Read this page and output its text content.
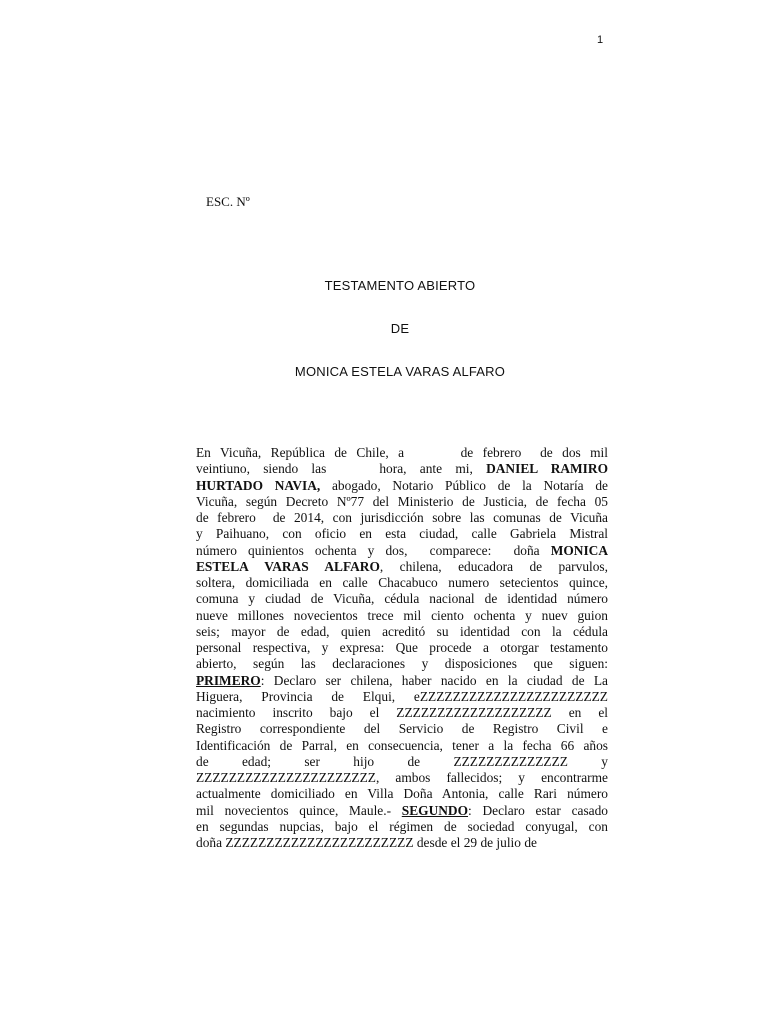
1
ESC. Nº
TESTAMENTO ABIERTO
DE
MONICA ESTELA VARAS ALFARO
En Vicuña, República de Chile, a      de febrero  de dos mil
veintiuno, siendo las    hora, ante mi, DANIEL RAMIRO
HURTADO NAVIA, abogado, Notario Público de la Notaría de
Vicuña, según Decreto Nº77 del Ministerio de Justicia, de fecha 05
de febrero  de 2014, con jurisdicción sobre las comunas de Vicuña
y Paihuano, con oficio en esta ciudad, calle Gabriela Mistral
número quinientos ochenta y dos,  comparece:  doña MONICA
ESTELA VARAS ALFARO, chilena, educadora de parvulos,
soltera, domiciliada en calle Chacabuco numero setecientos quince,
comuna y ciudad de Vicuña, cédula nacional de identidad número
nueve millones novecientos trece mil ciento ochenta y nuev guion
seis; mayor de edad, quien acreditó su identidad con la cédula
personal respectiva, y expresa: Que procede a otorgar testamento
abierto, según las declaraciones y disposiciones que siguen:
PRIMERO: Declaro ser chilena, haber nacido en la ciudad de La
Higuera, Provincia de Elqui, eZZZZZZZZZZZZZZZZZZZZZZZ
nacimiento inscrito bajo el ZZZZZZZZZZZZZZZZZZZ en el
Registro correspondiente del Servicio de Registro Civil e
Identificación de Parral, en consecuencia, tener a la fecha 66 años
de  edad;  ser  hijo  de  ZZZZZZZZZZZZZZ  y
ZZZZZZZZZZZZZZZZZZZZZZ, ambos fallecidos; y encontrarme
actualmente domiciliado en Villa Doña Antonia, calle Rari número
mil novecientos quince, Maule.- SEGUNDO: Declaro estar casado
en segundas nupcias, bajo el régimen de sociedad conyugal, con
doña ZZZZZZZZZZZZZZZZZZZZZZZ desde el 29 de julio de
